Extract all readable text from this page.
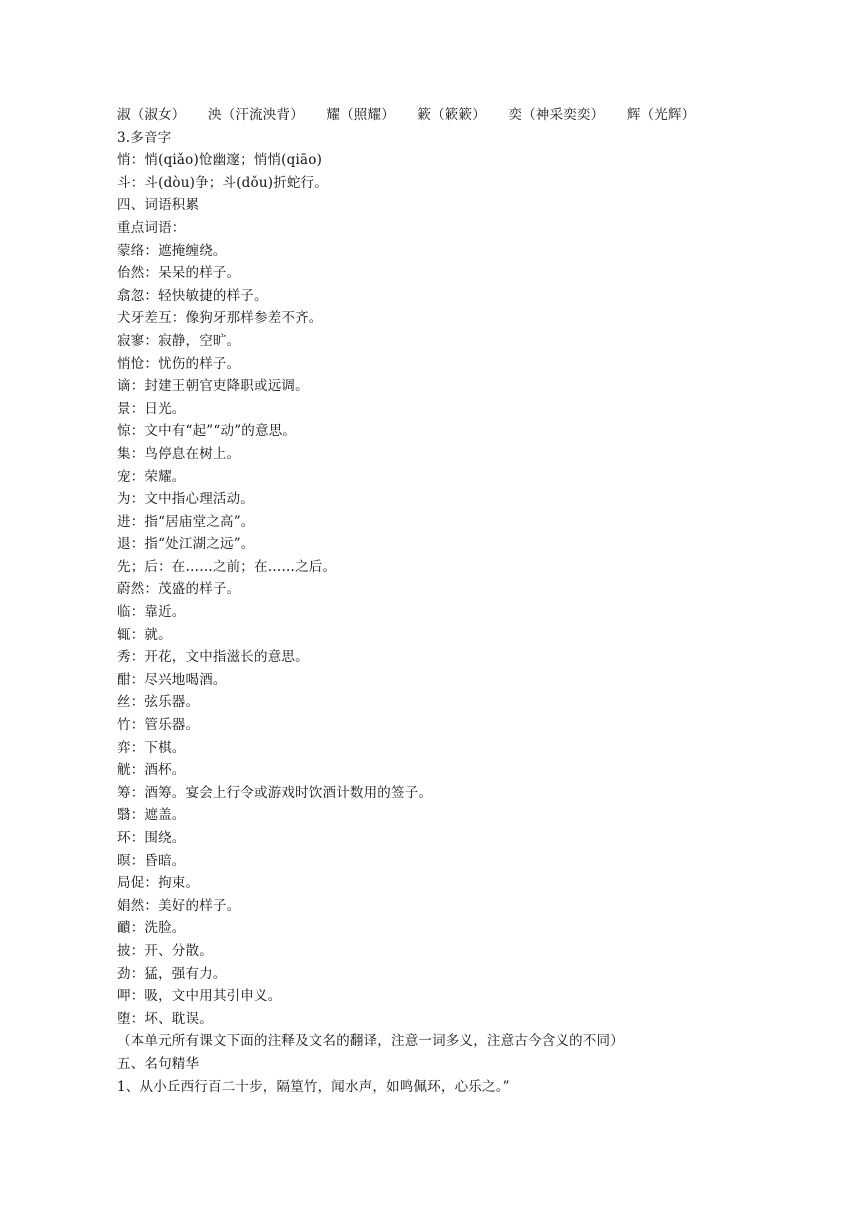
淑（淑女） 泱（汗流泱背） 耀（照耀） 簌（簌簌） 奕（神采奕奕） 辉（光辉）
3.多音字
悄：悄(qiǎo)怆幽邃；悄悄(qiāo)
斗：斗(dòu)争；斗(dǒu)折蛇行。
四、词语积累
重点词语：
蒙络：遮掩缠绕。
佁然：呆呆的样子。
翕忽：轻快敏捷的样子。
犬牙差互：像狗牙那样参差不齐。
寂寥：寂静，空旷。
悄怆：忧伤的样子。
谪：封建王朝官吏降职或远调。
景：日光。
惊：文中有“起”“动”的意思。
集：鸟停息在树上。
宠：荣耀。
为：文中指心理活动。
进：指“居庙堂之高”。
退：指“处江湖之远”。
先；后：在……之前；在……之后。
蔚然：茂盛的样子。
临：靠近。
辄：就。
秀：开花，文中指滋长的意思。
酣：尽兴地喝酒。
丝：弦乐器。
竹：管乐器。
弈：下棋。
觥：酒杯。
筹：酒筹。宴会上行令或游戏时饮酒计数用的签子。
翳：遮盖。
环：围绕。
暝：昏暗。
局促：拘束。
娟然：美好的样子。
靧：洗脸。
披：开、分散。
劲：猛，强有力。
呷：吸，文中用其引申义。
堕：坏、耽误。
（本单元所有课文下面的注释及文名的翻译，注意一词多义，注意古今含义的不同）
五、名句精华
1、从小丘西行百二十步，隔篁竹，闻水声，如鸣佩环，心乐之。”
